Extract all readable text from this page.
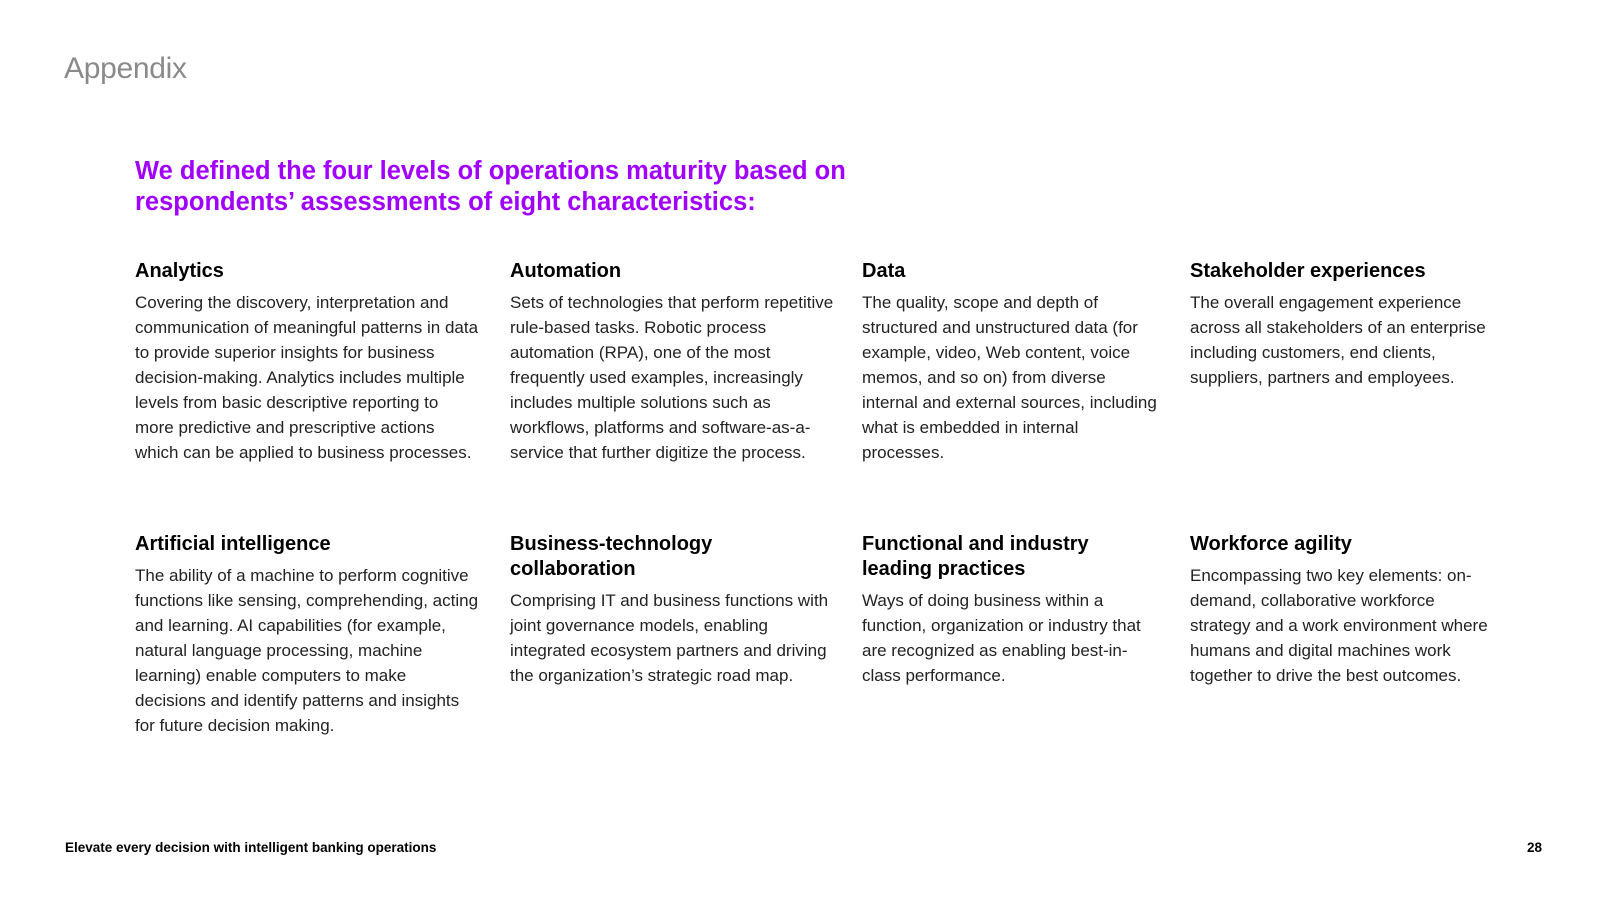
Appendix
We defined the four levels of operations maturity based on respondents’ assessments of eight characteristics:
Analytics

Covering the discovery, interpretation and communication of meaningful patterns in data to provide superior insights for business decision-making. Analytics includes multiple levels from basic descriptive reporting to more predictive and prescriptive actions which can be applied to business processes.

Automation

Sets of technologies that perform repetitive rule-based tasks. Robotic process automation (RPA), one of the most frequently used examples, increasingly includes multiple solutions such as workflows, platforms and software-as-a-service that further digitize the process.

Data

The quality, scope and depth of structured and unstructured data (for example, video, Web content, voice memos, and so on) from diverse internal and external sources, including what is embedded in internal processes.

Stakeholder experiences

The overall engagement experience across all stakeholders of an enterprise including customers, end clients, suppliers, partners and employees.

Artificial intelligence

The ability of a machine to perform cognitive functions like sensing, comprehending, acting and learning. AI capabilities (for example, natural language processing, machine learning) enable computers to make decisions and identify patterns and insights for future decision making.

Business-technology collaboration

Comprising IT and business functions with joint governance models, enabling integrated ecosystem partners and driving the organization’s strategic road map.

Functional and industry leading practices

Ways of doing business within a function, organization or industry that are recognized as enabling best-in-class performance.

Workforce agility

Encompassing two key elements: on-demand, collaborative workforce strategy and a work environment where humans and digital machines work together to drive the best outcomes.

Elevate every decision with intelligent banking operations	28
